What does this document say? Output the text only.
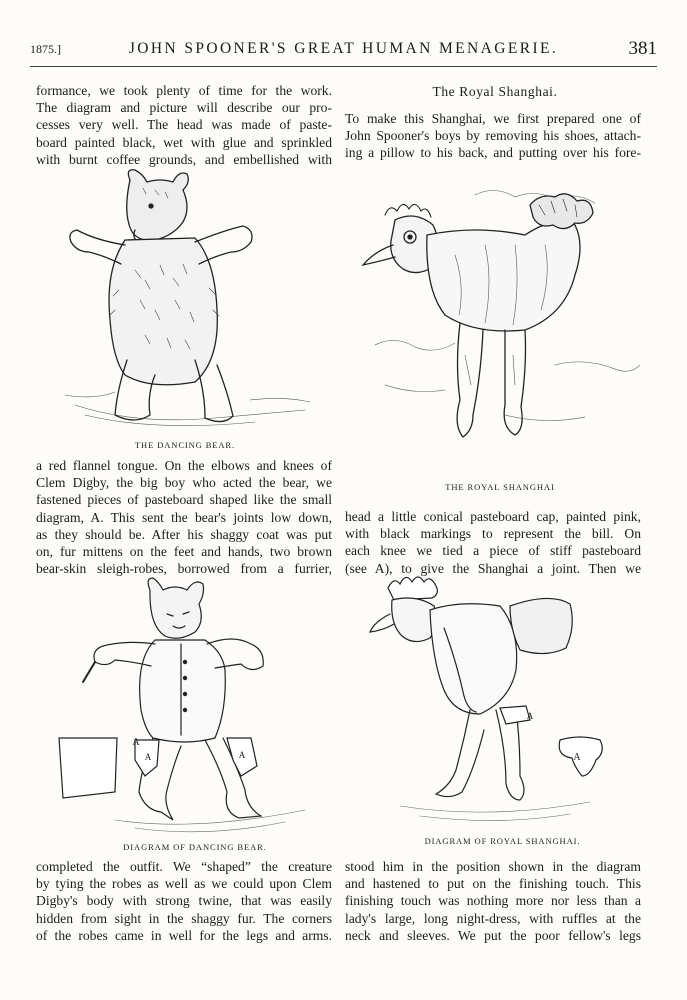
1875.]	JOHN SPOONER'S GREAT HUMAN MENAGERIE.	381
formance, we took plenty of time for the work.
The diagram and picture will describe our pro-
cesses very well. The head was made of paste-
board painted black, wet with glue and sprinkled
with burnt coffee grounds, and embellished with
a red flannel tongue. On the elbows and knees of
Clem Digby, the big boy who acted the bear, we
fastened pieces of pasteboard shaped like the small
diagram, A. This sent the bear's joints low down,
as they should be. After his shaggy coat was put
on, fur mittens on the feet and hands, two brown
bear-skin sleigh-robes, borrowed from a furrier,
completed the outfit. We “shaped” the creature
by tying the robes as well as we could upon Clem
Digby's body with strong twine, that was easily
hidden from sight in the shaggy fur. The corners
of the robes came in well for the legs and arms.
The Royal Shanghai.
To make this Shanghai, we first prepared one of
John Spooner's boys by removing his shoes, attach-
ing a pillow to his back, and putting over his fore-
head a little conical pasteboard cap, painted pink,
with black markings to represent the bill. On
each knee we tied a piece of stiff pasteboard
(see A), to give the Shanghai a joint. Then we
stood him in the position shown in the diagram
and hastened to put on the finishing touch. This
finishing touch was nothing more nor less than a
lady's large, long night-dress, with ruffles at the
neck and sleeves. We put the poor fellow's legs
THE DANCING BEAR.
THE ROYAL SHANGHAI
A
A	A
DIAGRAM OF DANCING BEAR.
A
A
DIAGRAM OF ROYAL SHANGHAI.
